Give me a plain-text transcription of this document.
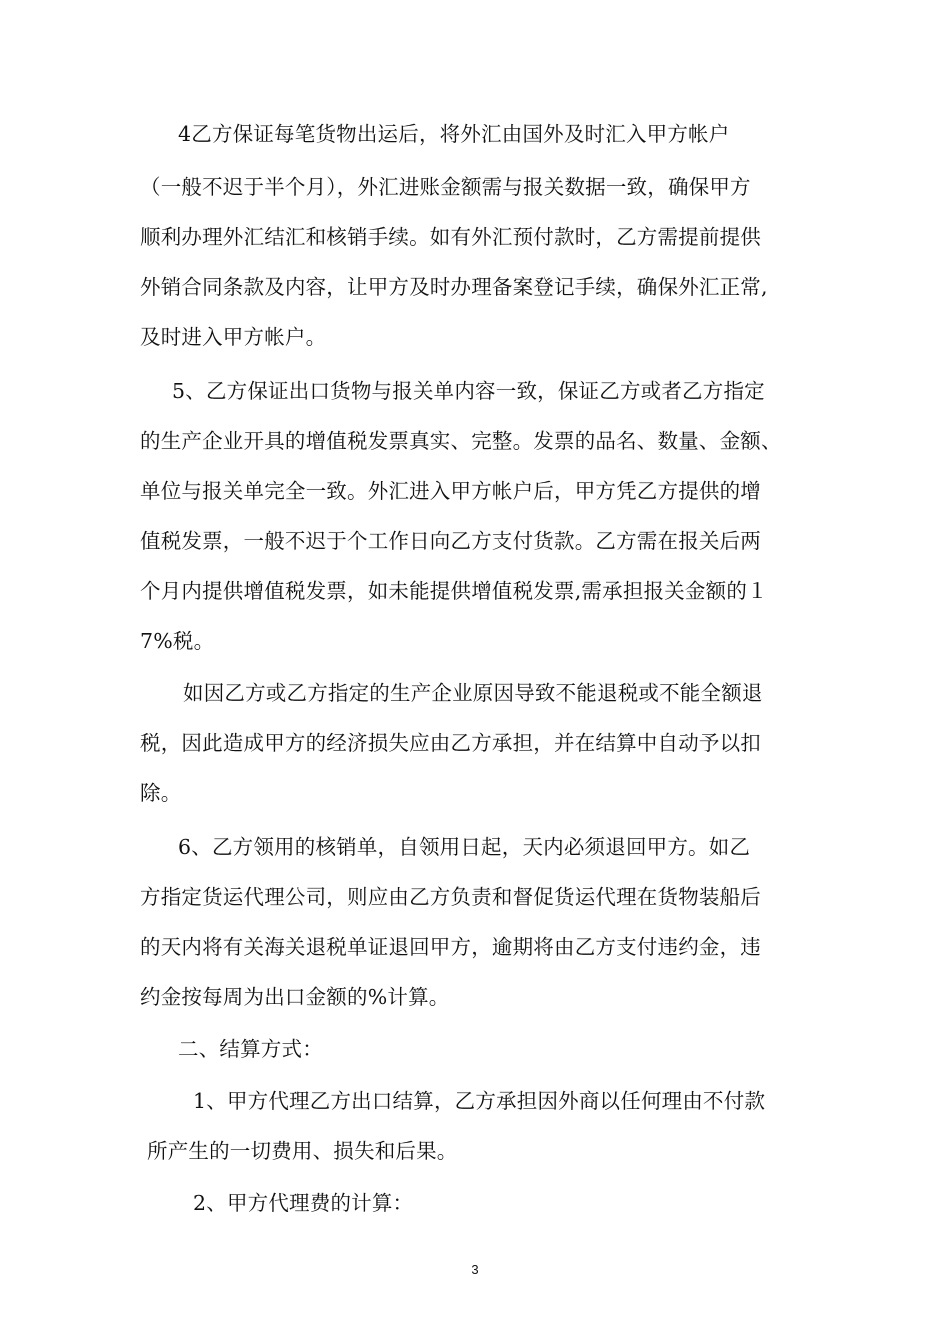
4乙方保证每笔货物出运后，将外汇由国外及时汇入甲方帐户
（一般不迟于半个月），外汇进账金额需与报关数据一致，确保甲方
顺利办理外汇结汇和核销手续。如有外汇预付款时，乙方需提前提供
外销合同条款及内容，让甲方及时办理备案登记手续，确保外汇正常,
及时进入甲方帐户。
5、乙方保证出口货物与报关单内容一致，保证乙方或者乙方指定
的生产企业开具的增值税发票真实、完整。发票的品名、数量、金额、
单位与报关单完全一致。外汇进入甲方帐户后，甲方凭乙方提供的增
值税发票，一般不迟于个工作日向乙方支付货款。乙方需在报关后两
个月内提供增值税发票，如未能提供增值税发票,需承担报关金额的１
7%税。
如因乙方或乙方指定的生产企业原因导致不能退税或不能全额退
税，因此造成甲方的经济损失应由乙方承担，并在结算中自动予以扣
除。
6、乙方领用的核销单，自领用日起，天内必须退回甲方。如乙
方指定货运代理公司，则应由乙方负责和督促货运代理在货物装船后
的天内将有关海关退税单证退回甲方，逾期将由乙方支付违约金，违
约金按每周为出口金额的%计算。
二、结算方式：
1、甲方代理乙方出口结算，乙方承担因外商以任何理由不付款
所产生的一切费用、损失和后果。
2、甲方代理费的计算：
3
